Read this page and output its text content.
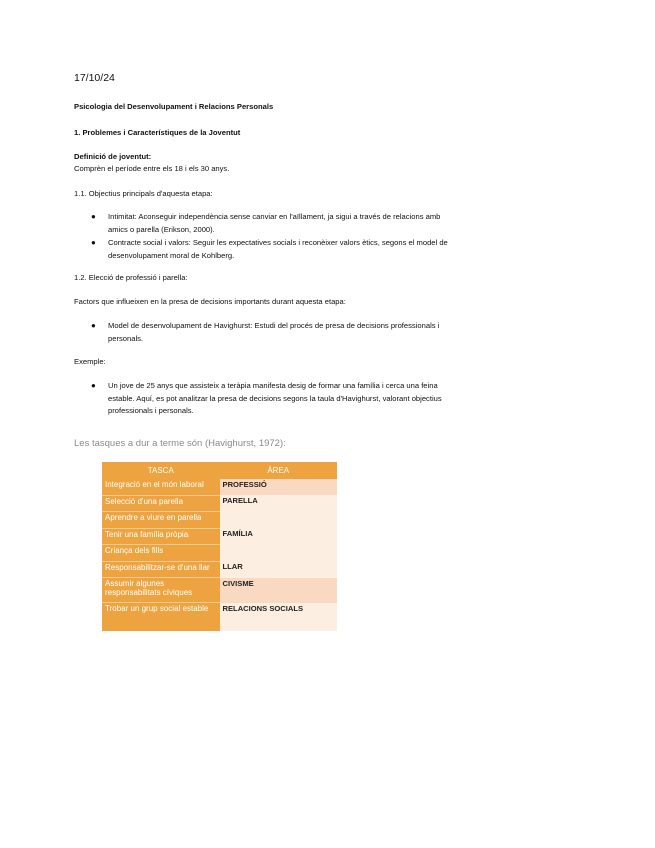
17/10/24
Psicologia del Desenvolupament i Relacions Personals
1. Problemes i Característiques de la Joventut
Definició de joventut:
Comprèn el període entre els 18 i els 30 anys.
1.1. Objectius principals d'aquesta etapa:
● Intimitat: Aconseguir independència sense canviar en l'aïllament, ja sigui a través de relacions amb
amics o parella (Erikson, 2000).
● Contracte social i valors: Seguir les expectatives socials i reconèixer valors ètics, segons el model de
desenvolupament moral de Kohlberg.
1.2. Elecció de professió i parella:
Factors que influeixen en la presa de decisions importants durant aquesta etapa:
● Model de desenvolupament de Havighurst: Estudi del procés de presa de decisions professionals i
personals.
Exemple:
● Un jove de 25 anys que assisteix a teràpia manifesta desig de formar una família i cerca una feina
estable. Aquí, es pot analitzar la presa de decisions segons la taula d'Havighurst, valorant objectius
professionals i personals.
Les tasques a dur a terme són (Havighurst, 1972):
TASCA	ÀREA
Integració en el món laboral	PROFESSIÓ
Selecció d'una parella	PARELLA
Aprendre a viure en parella	
Tenir una família pròpia	FAMÍLIA
Criança dels fills	
Responsabilitzar-se d'una llar	LLAR
Assumir algunes responsabilitats cíviques	CIVISME
Trobar un grup social estable	RELACIONS SOCIALS
